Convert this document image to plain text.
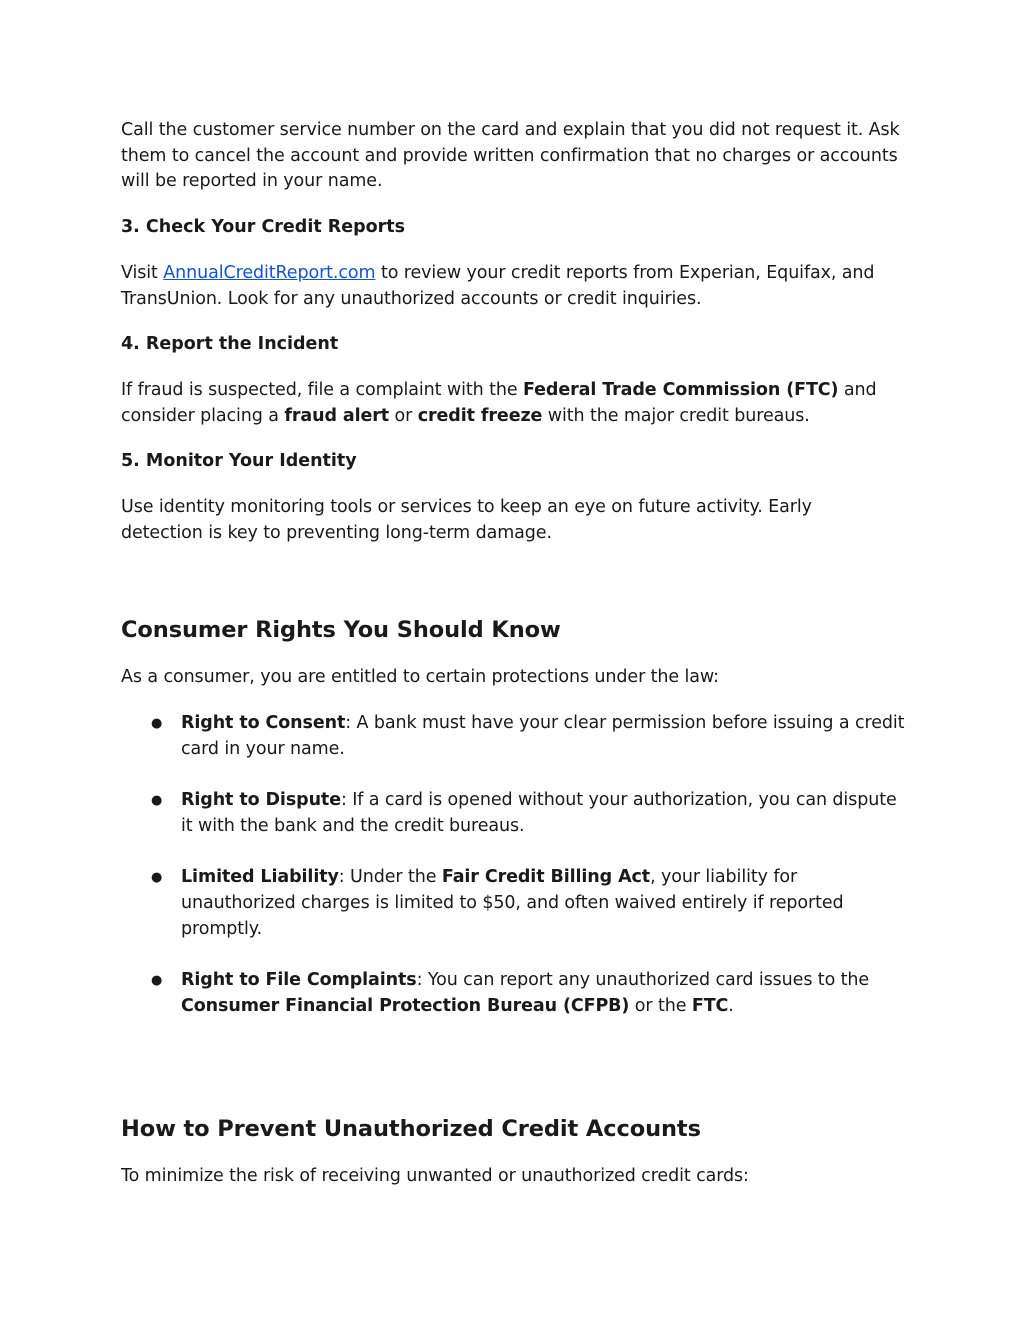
Call the customer service number on the card and explain that you did not request it. Ask them to cancel the account and provide written confirmation that no charges or accounts will be reported in your name.

3. Check Your Credit Reports

Visit AnnualCreditReport.com to review your credit reports from Experian, Equifax, and TransUnion. Look for any unauthorized accounts or credit inquiries.

4. Report the Incident

If fraud is suspected, file a complaint with the Federal Trade Commission (FTC) and consider placing a fraud alert or credit freeze with the major credit bureaus.

5. Monitor Your Identity

Use identity monitoring tools or services to keep an eye on future activity. Early detection is key to preventing long-term damage.

Consumer Rights You Should Know

As a consumer, you are entitled to certain protections under the law:

● Right to Consent: A bank must have your clear permission before issuing a credit card in your name.
● Right to Dispute: If a card is opened without your authorization, you can dispute it with the bank and the credit bureaus.
● Limited Liability: Under the Fair Credit Billing Act, your liability for unauthorized charges is limited to $50, and often waived entirely if reported promptly.
● Right to File Complaints: You can report any unauthorized card issues to the Consumer Financial Protection Bureau (CFPB) or the FTC.
How to Prevent Unauthorized Credit Accounts

To minimize the risk of receiving unwanted or unauthorized credit cards:
